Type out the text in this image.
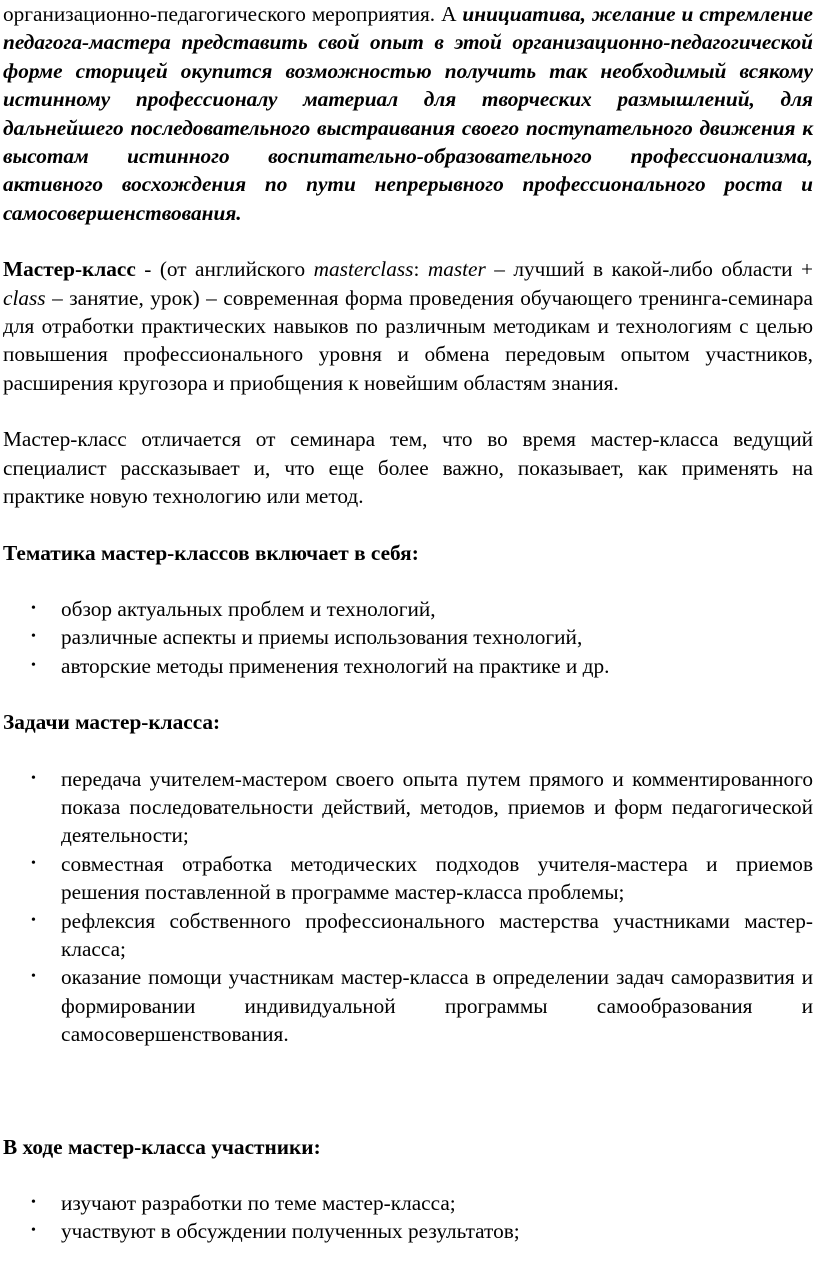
организационно-педагогического мероприятия. А инициатива, желание и стремление педагога-мастера представить свой опыт в этой организационно-педагогической форме сторицей окупится возможностью получить так необходимый всякому истинному профессионалу материал для творческих размышлений, для дальнейшего последовательного выстраивания своего поступательного движения к высотам истинного воспитательно-образовательного профессионализма, активного восхождения по пути непрерывного профессионального роста и самосовершенствования.

Мастер-класс - (от английского masterclass: master – лучший в какой-либо области + class – занятие, урок) – современная форма проведения обучающего тренинга-семинара для отработки практических навыков по различным методикам и технологиям с целью повышения профессионального уровня и обмена передовым опытом участников, расширения кругозора и приобщения к новейшим областям знания.

Мастер-класс отличается от семинара тем, что во время мастер-класса ведущий специалист рассказывает и, что еще более важно, показывает, как применять на практике новую технологию или метод.

Тематика мастер-классов включает в себя:

• обзор актуальных проблем и технологий,
• различные аспекты и приемы использования технологий,
• авторские методы применения технологий на практике и др.

Задачи мастер-класса:

• передача учителем-мастером своего опыта путем прямого и комментированного показа последовательности действий, методов, приемов и форм педагогической деятельности;
• совместная отработка методических подходов учителя-мастера и приемов решения поставленной в программе мастер-класса проблемы;
• рефлексия собственного профессионального мастерства участниками мастер-класса;
• оказание помощи участникам мастер-класса в определении задач саморазвития и формировании индивидуальной программы самообразования и самосовершенствования.

В ходе мастер-класса участники:

• изучают разработки по теме мастер-класса;
• участвуют в обсуждении полученных результатов;
